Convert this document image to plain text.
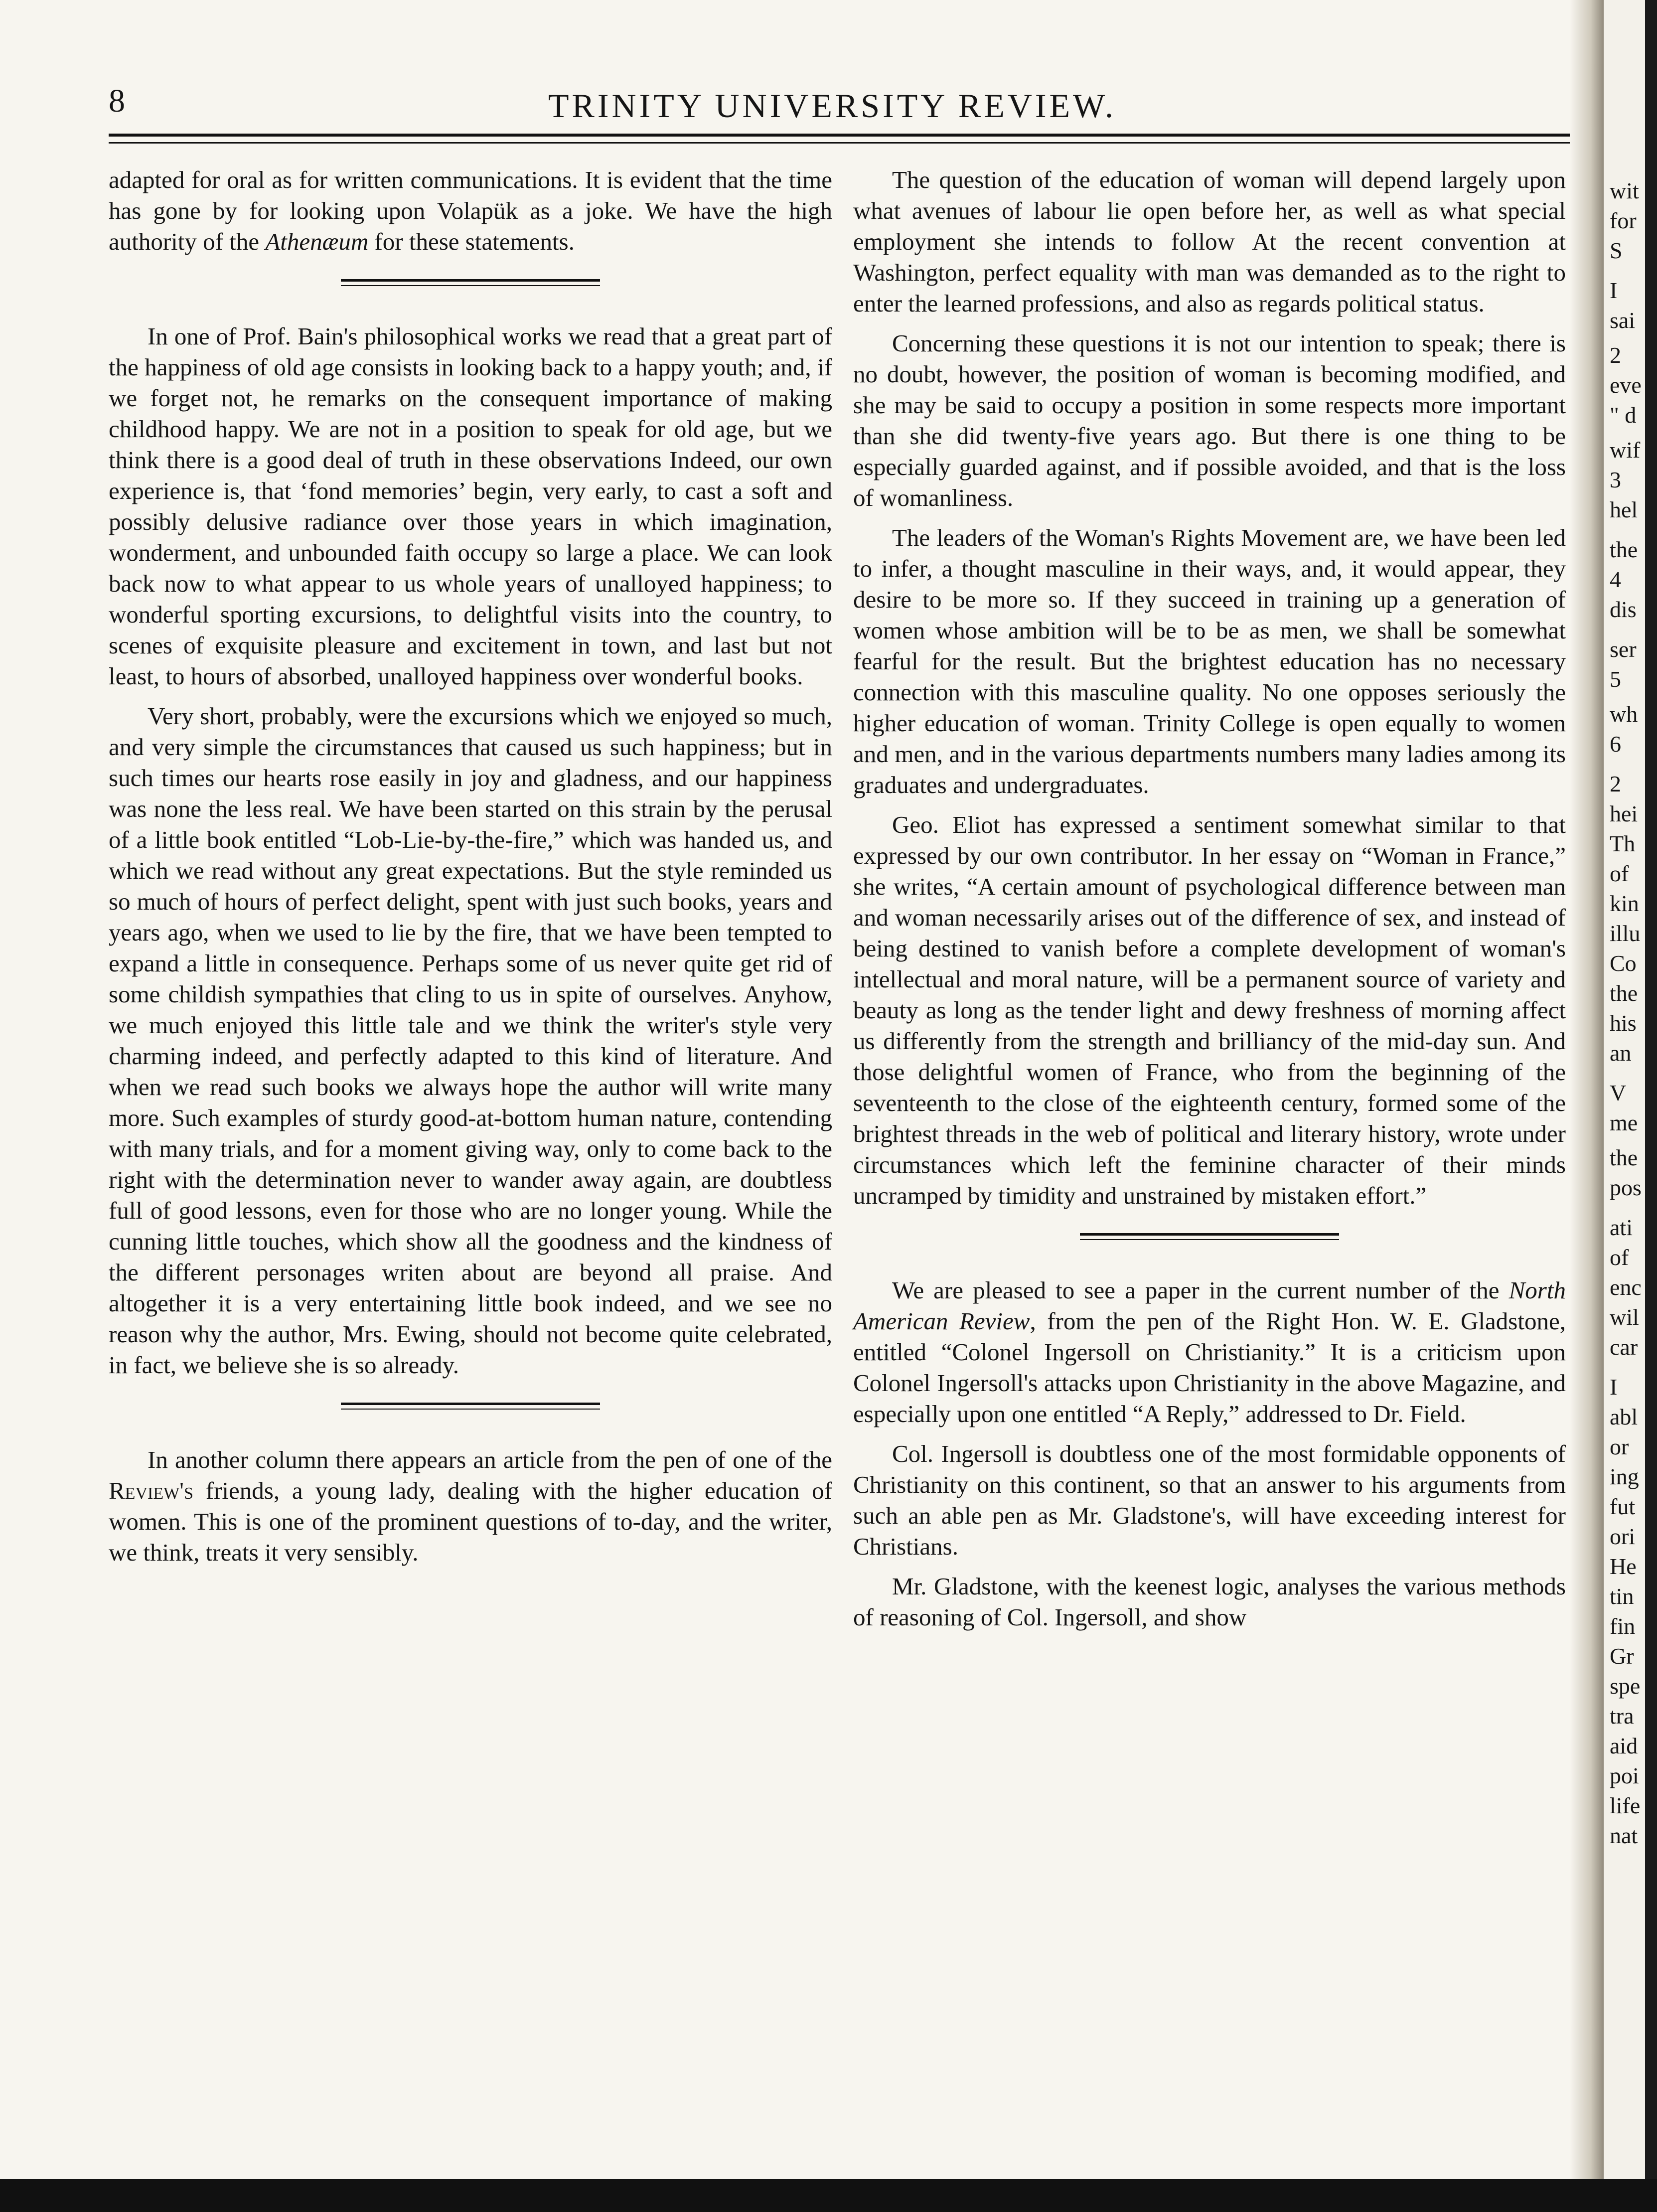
8	TRINITY UNIVERSITY REVIEW.

adapted for oral as for written communications. It is evident that the time has gone by for looking upon Volapük as a joke. We have the high authority of the Athenæum for these statements.

In one of Prof. Bain's philosophical works we read that a great part of the happiness of old age consists in looking back to a happy youth; and, if we forget not, he remarks on the consequent importance of making childhood happy. We are not in a position to speak for old age, but we think there is a good deal of truth in these observations Indeed, our own experience is, that ‘fond memories’ begin, very early, to cast a soft and possibly delusive radiance over those years in which imagination, wonderment, and unbounded faith occupy so large a place. We can look back now to what appear to us whole years of unalloyed happiness; to wonderful sporting excursions, to delightful visits into the country, to scenes of exquisite pleasure and excitement in town, and last but not least, to hours of absorbed, unalloyed happiness over wonderful books.

Very short, probably, were the excursions which we enjoyed so much, and very simple the circumstances that caused us such happiness; but in such times our hearts rose easily in joy and gladness, and our happiness was none the less real. We have been started on this strain by the perusal of a little book entitled “Lob-Lie-by-the-fire,” which was handed us, and which we read without any great expectations. But the style reminded us so much of hours of perfect delight, spent with just such books, years and years ago, when we used to lie by the fire, that we have been tempted to expand a little in consequence. Perhaps some of us never quite get rid of some childish sympathies that cling to us in spite of ourselves. Anyhow, we much enjoyed this little tale and we think the writer's style very charming indeed, and perfectly adapted to this kind of literature. And when we read such books we always hope the author will write many more. Such examples of sturdy good-at-bottom human nature, contending with many trials, and for a moment giving way, only to come back to the right with the determination never to wander away again, are doubtless full of good lessons, even for those who are no longer young. While the cunning little touches, which show all the goodness and the kindness of the different personages writen about are beyond all praise. And altogether it is a very entertaining little book indeed, and we see no reason why the author, Mrs. Ewing, should not become quite celebrated, in fact, we believe she is so already.

In another column there appears an article from the pen of one of the Review's friends, a young lady, dealing with the higher education of women. This is one of the prominent questions of to-day, and the writer, we think, treats it very sensibly.

The question of the education of woman will depend largely upon what avenues of labour lie open before her, as well as what special employment she intends to follow At the recent convention at Washington, perfect equality with man was demanded as to the right to enter the learned professions, and also as regards political status.

Concerning these questions it is not our intention to speak; there is no doubt, however, the position of woman is becoming modified, and she may be said to occupy a position in some respects more important than she did twenty-five years ago. But there is one thing to be especially guarded against, and if possible avoided, and that is the loss of womanliness.

The leaders of the Woman's Rights Movement are, we have been led to infer, a thought masculine in their ways, and, it would appear, they desire to be more so. If they succeed in training up a generation of women whose ambition will be to be as men, we shall be somewhat fearful for the result. But the brightest education has no necessary connection with this masculine quality. No one opposes seriously the higher education of woman. Trinity College is open equally to women and men, and in the various departments numbers many ladies among its graduates and undergraduates.

Geo. Eliot has expressed a sentiment somewhat similar to that expressed by our own contributor. In her essay on “Woman in France,” she writes, “A certain amount of psychological difference between man and woman necessarily arises out of the difference of sex, and instead of being destined to vanish before a complete development of woman's intellectual and moral nature, will be a permanent source of variety and beauty as long as the tender light and dewy freshness of morning affect us differently from the strength and brilliancy of the mid-day sun. And those delightful women of France, who from the beginning of the seventeenth to the close of the eighteenth century, formed some of the brightest threads in the web of political and literary history, wrote under circumstances which left the feminine character of their minds uncramped by timidity and unstrained by mistaken effort.”

We are pleased to see a paper in the current number of the North American Review, from the pen of the Right Hon. W. E. Gladstone, entitled “Colonel Ingersoll on Christianity.” It is a criticism upon Colonel Ingersoll's attacks upon Christianity in the above Magazine, and especially upon one entitled “A Reply,” addressed to Dr. Field.

Col. Ingersoll is doubtless one of the most formidable opponents of Christianity on this continent, so that an answer to his arguments from such an able pen as Mr. Gladstone's, will have exceeding interest for Christians.

Mr. Gladstone, with the keenest logic, analyses the various methods of reasoning of Col. Ingersoll, and show

wit
for
S
I
sai
2
eve
" d
wif
3
hel
the
4
dis
ser
5
wh
6
2
hei
Th
of
kin
illu
Co
the
his
an
V
me
the
pos
ati
of
enc
wil
car
I
abl
or
ing
fut
ori
He
tin
fin
Gr
spe
tra
aid
poi
life
nat
